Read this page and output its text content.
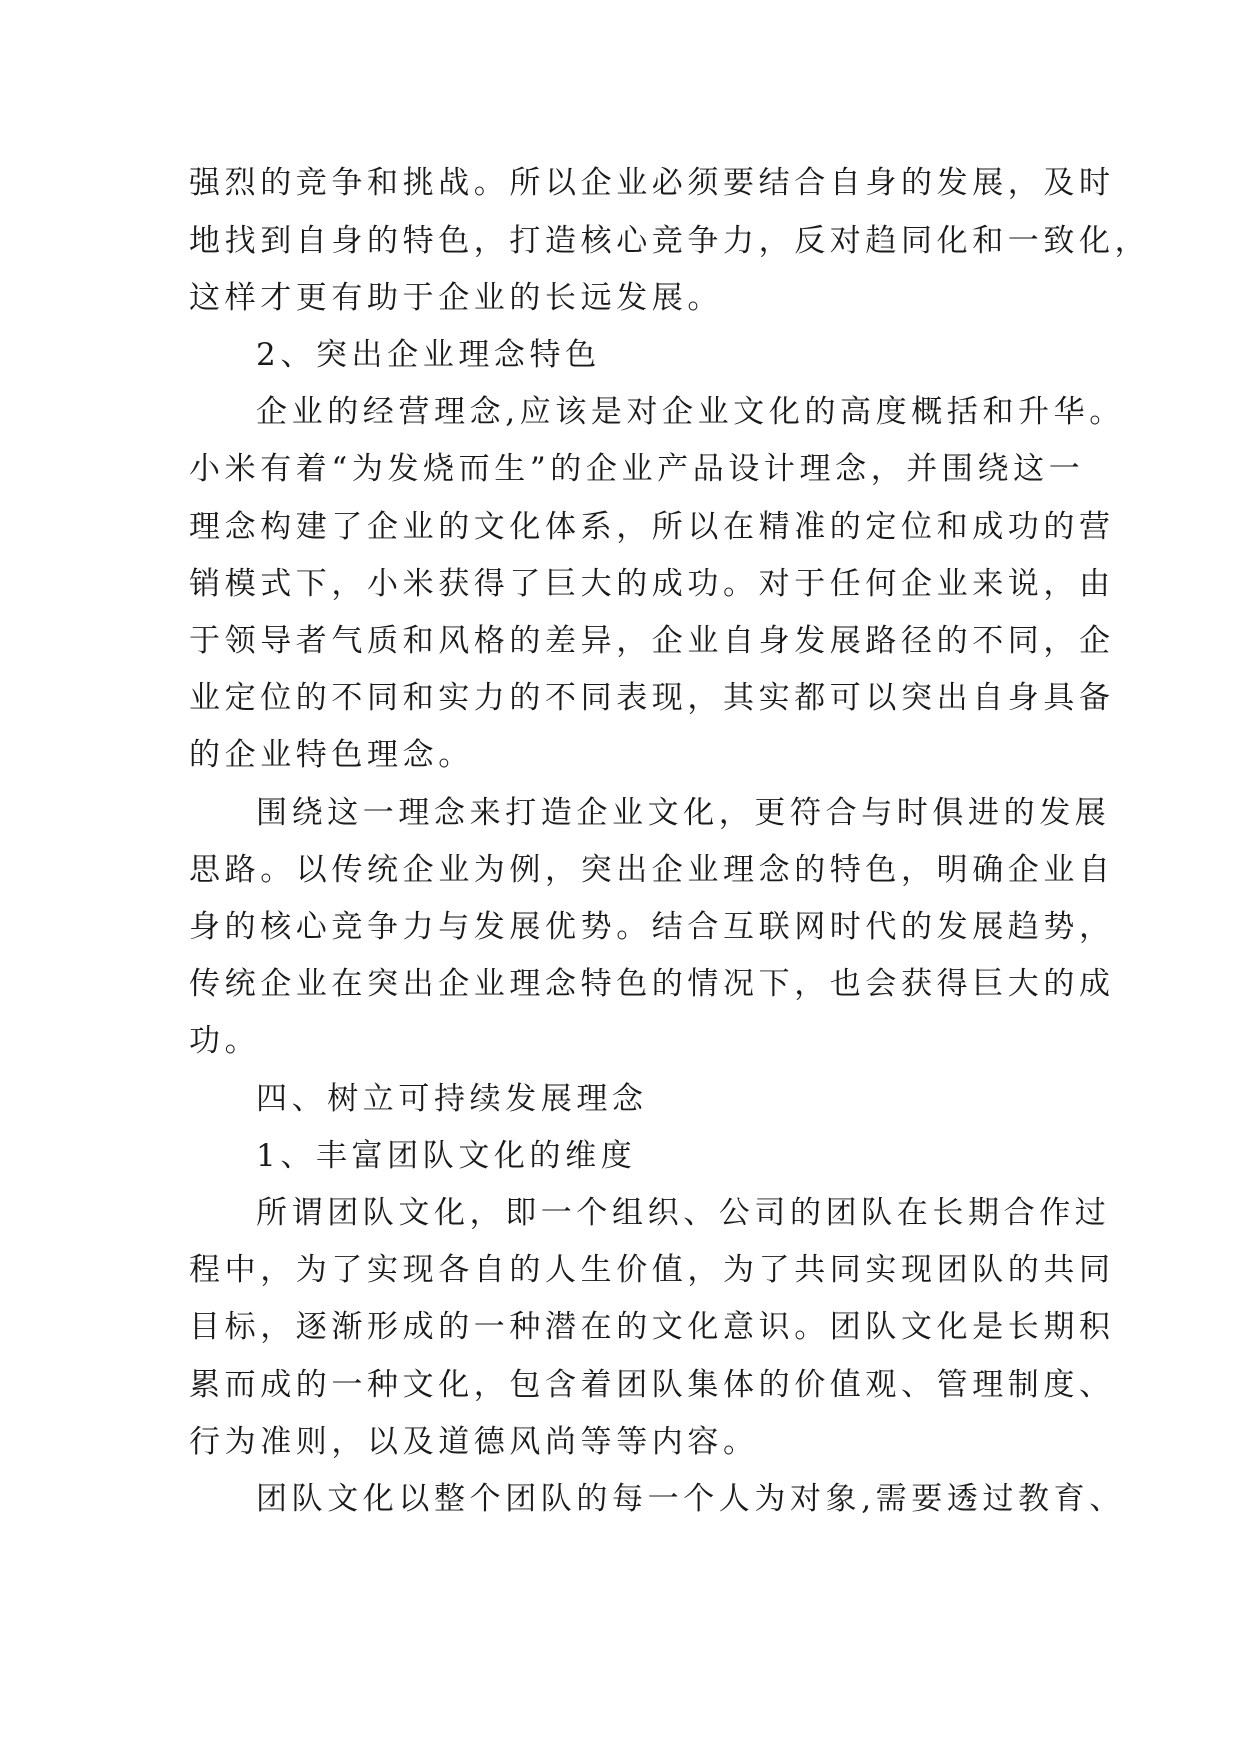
强烈的竞争和挑战。所以企业必须要结合自身的发展，及时

地找到自身的特色，打造核心竞争力，反对趋同化和一致化，

这样才更有助于企业的长远发展。

2、突出企业理念特色

企业的经营理念,应该是对企业文化的高度概括和升华。

小米有着“为发烧而生”的企业产品设计理念，并围绕这一

理念构建了企业的文化体系，所以在精准的定位和成功的营

销模式下，小米获得了巨大的成功。对于任何企业来说，由

于领导者气质和风格的差异，企业自身发展路径的不同，企

业定位的不同和实力的不同表现，其实都可以突出自身具备

的企业特色理念。

围绕这一理念来打造企业文化，更符合与时俱进的发展

思路。以传统企业为例，突出企业理念的特色，明确企业自

身的核心竞争力与发展优势。结合互联网时代的发展趋势，

传统企业在突出企业理念特色的情况下，也会获得巨大的成

功。

四、树立可持续发展理念

1、丰富团队文化的维度

所谓团队文化，即一个组织、公司的团队在长期合作过

程中，为了实现各自的人生价值，为了共同实现团队的共同

目标，逐渐形成的一种潜在的文化意识。团队文化是长期积

累而成的一种文化，包含着团队集体的价值观、管理制度、

行为准则，以及道德风尚等等内容。

团队文化以整个团队的每一个人为对象,需要透过教育、
